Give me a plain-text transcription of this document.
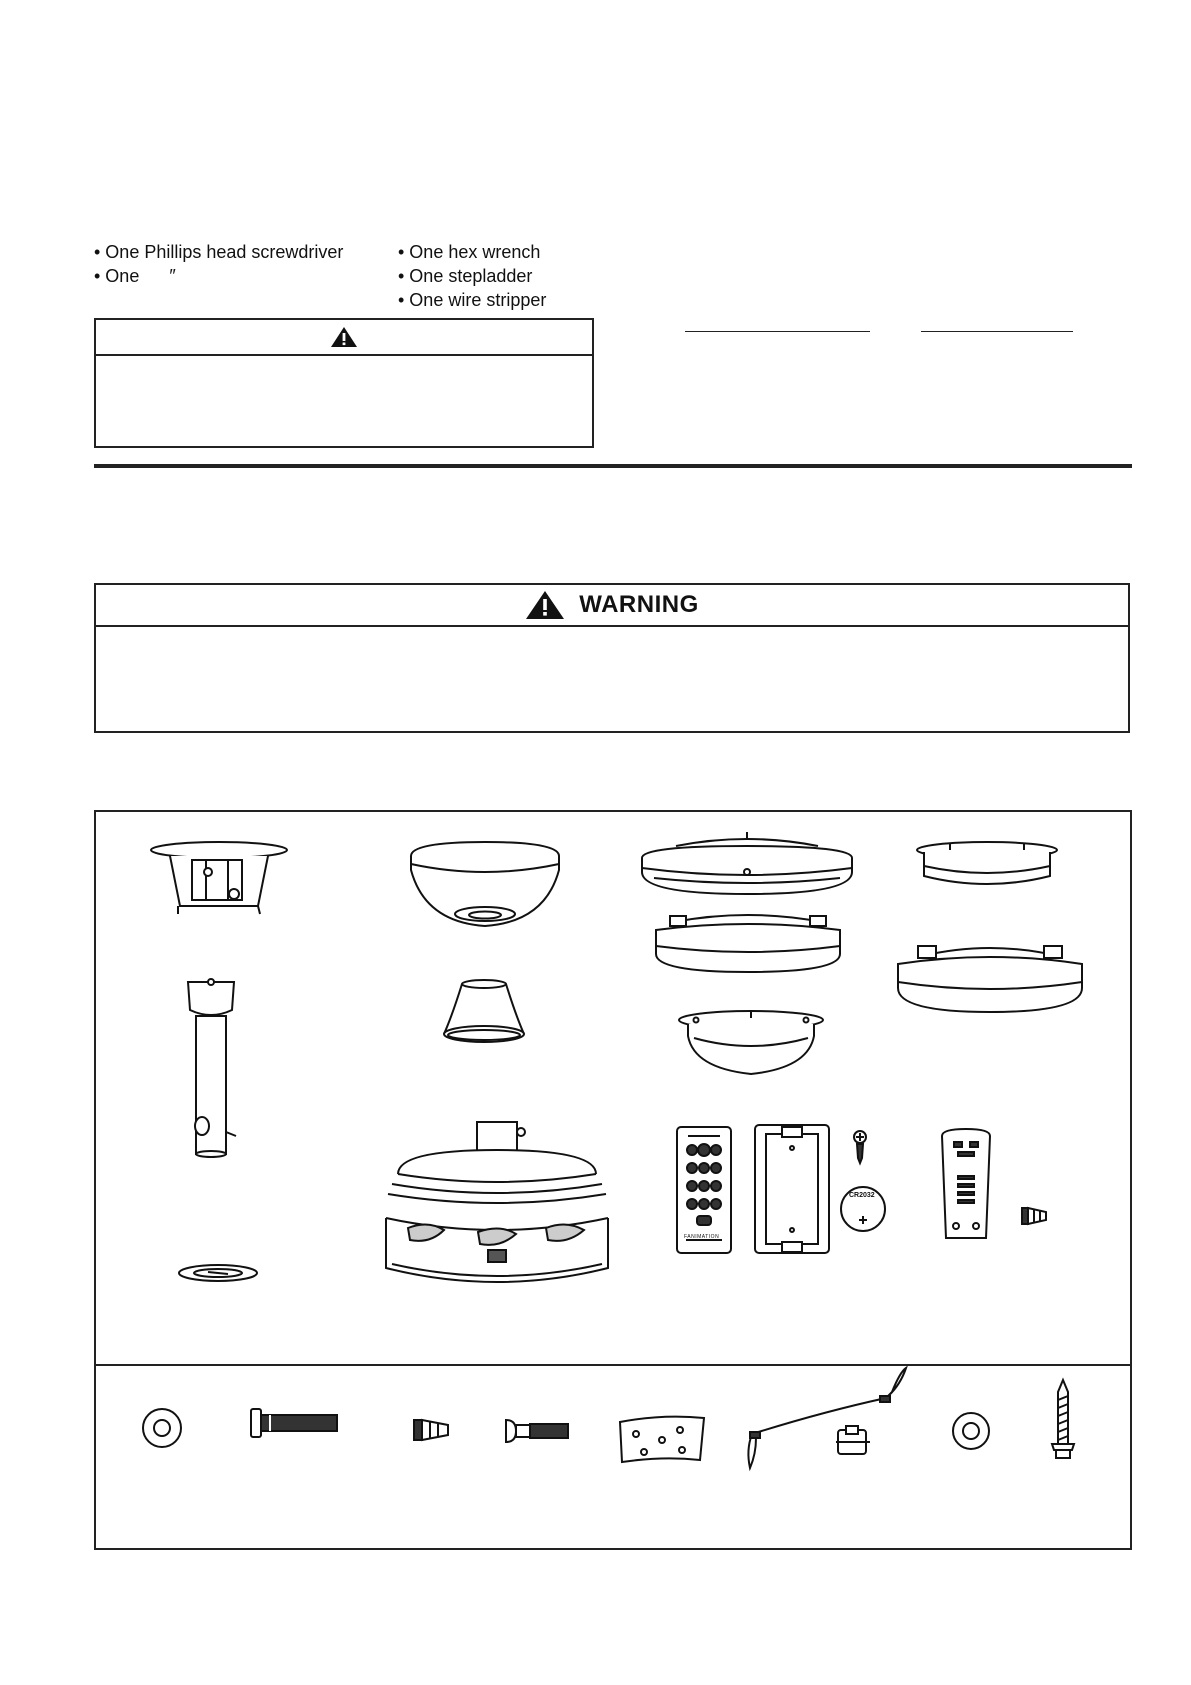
• One Phillips head screwdriver
• One      ″
• One hex wrench
• One stepladder
• One wire stripper
WARNING
FANIMATION
CR2032
